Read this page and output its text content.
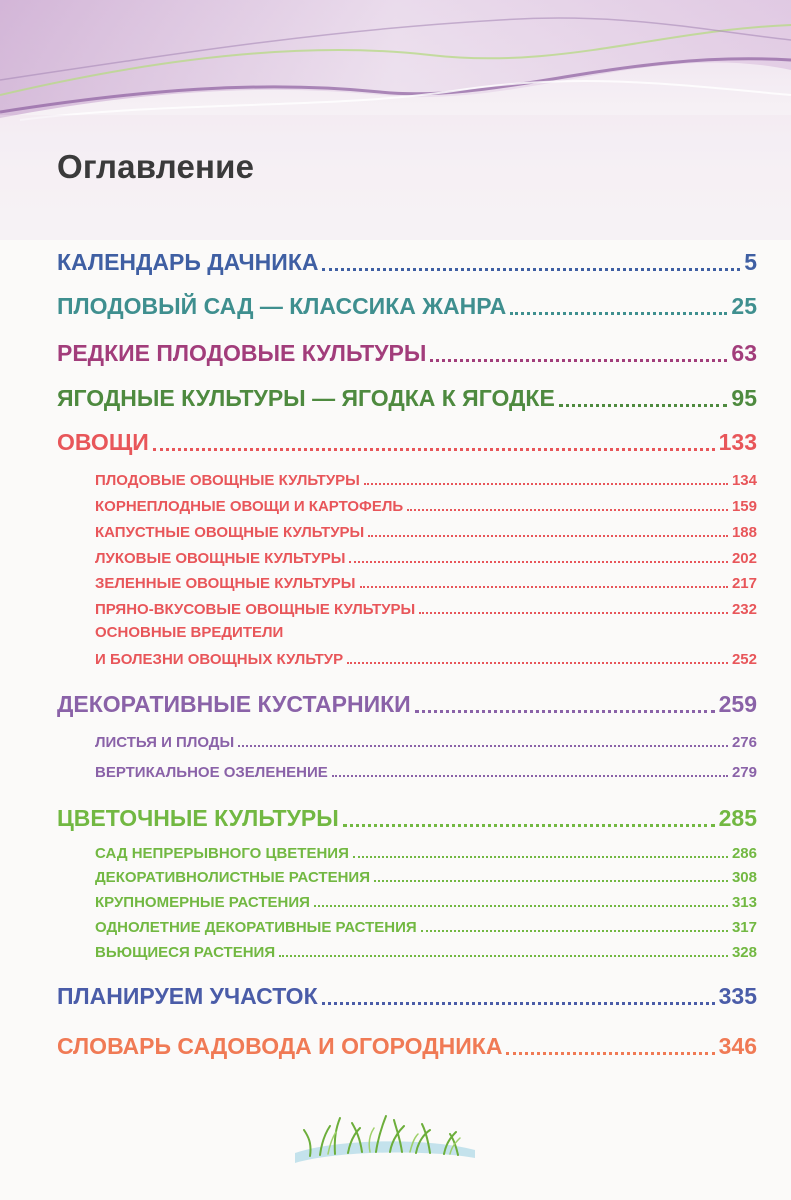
Оглавление
КАЛЕНДАРЬ ДАЧНИКА	5
ПЛОДОВЫЙ САД — КЛАССИКА ЖАНРА	25
РЕДКИЕ ПЛОДОВЫЕ КУЛЬТУРЫ	63
ЯГОДНЫЕ КУЛЬТУРЫ — ЯГОДКА К ЯГОДКЕ	95
ОВОЩИ	133
ПЛОДОВЫЕ ОВОЩНЫЕ КУЛЬТУРЫ	134
КОРНЕПЛОДНЫЕ ОВОЩИ И КАРТОФЕЛЬ	159
КАПУСТНЫЕ ОВОЩНЫЕ КУЛЬТУРЫ	188
ЛУКОВЫЕ ОВОЩНЫЕ КУЛЬТУРЫ	202
ЗЕЛЕННЫЕ ОВОЩНЫЕ КУЛЬТУРЫ	217
ПРЯНО-ВКУСОВЫЕ ОВОЩНЫЕ КУЛЬТУРЫ	232
ОСНОВНЫЕ ВРЕДИТЕЛИ
И БОЛЕЗНИ ОВОЩНЫХ КУЛЬТУР	252
ДЕКОРАТИВНЫЕ КУСТАРНИКИ	259
ЛИСТЬЯ И ПЛОДЫ	276
ВЕРТИКАЛЬНОЕ ОЗЕЛЕНЕНИЕ	279
ЦВЕТОЧНЫЕ КУЛЬТУРЫ	285
САД НЕПРЕРЫВНОГО ЦВЕТЕНИЯ	286
ДЕКОРАТИВНОЛИСТНЫЕ РАСТЕНИЯ	308
КРУПНОМЕРНЫЕ РАСТЕНИЯ	313
ОДНОЛЕТНИЕ ДЕКОРАТИВНЫЕ РАСТЕНИЯ	317
ВЬЮЩИЕСЯ РАСТЕНИЯ	328
ПЛАНИРУЕМ УЧАСТОК	335
СЛОВАРЬ САДОВОДА И ОГОРОДНИКА	346
